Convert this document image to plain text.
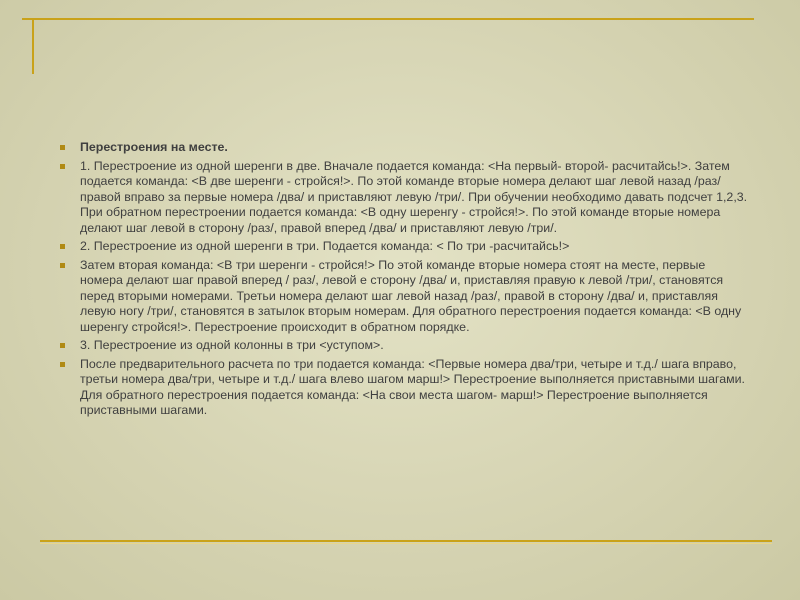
Перестроения на месте.
1. Перестроение из одной шеренги в две. Вначале подается команда: <На первый- второй- расчитайсь!>. Затем подается команда: <В две шеренги - стройся!>. По этой команде вторые номера делают шаг левой назад /раз/ правой вправо за первые номера /два/ и приставляют левую /три/. При обучении необходимо давать подсчет 1,2,3. При обратном перестроении подается команда: <В одну шеренгу - стройся!>. По этой команде вторые номера делают шаг левой в сторону /раз/, правой вперед /два/ и приставляют левую /три/.
2. Перестроение из одной шеренги в три. Подается команда: < По три -расчитайсь!>
Затем вторая команда: <В три шеренги - стройся!> По этой команде вторые номера стоят на месте, первые номера делают шаг правой вперед / раз/, левой е сторону /два/ и, приставляя правую к левой /три/, становятся перед вторыми номерами. Третьи номера делают шаг левой назад /раз/, правой в сторону /два/ и, приставляя левую ногу /три/, становятся в затылок вторым номерам. Для обратного перестроения подается команда: <В одну шеренгу стройся!>. Перестроение происходит в обратном порядке.
3. Перестроение из одной колонны в три <уступом>.
После предварительного расчета по три подается команда: <Первые номера два/три, четыре и т.д./ шага вправо, третьи номера два/три, четыре и т.д./ шага влево шагом марш!> Перестроение выполняется приставными шагами. Для обратного перестроения подается команда: <На свои места шагом- марш!> Перестроение выполняется приставными шагами.
